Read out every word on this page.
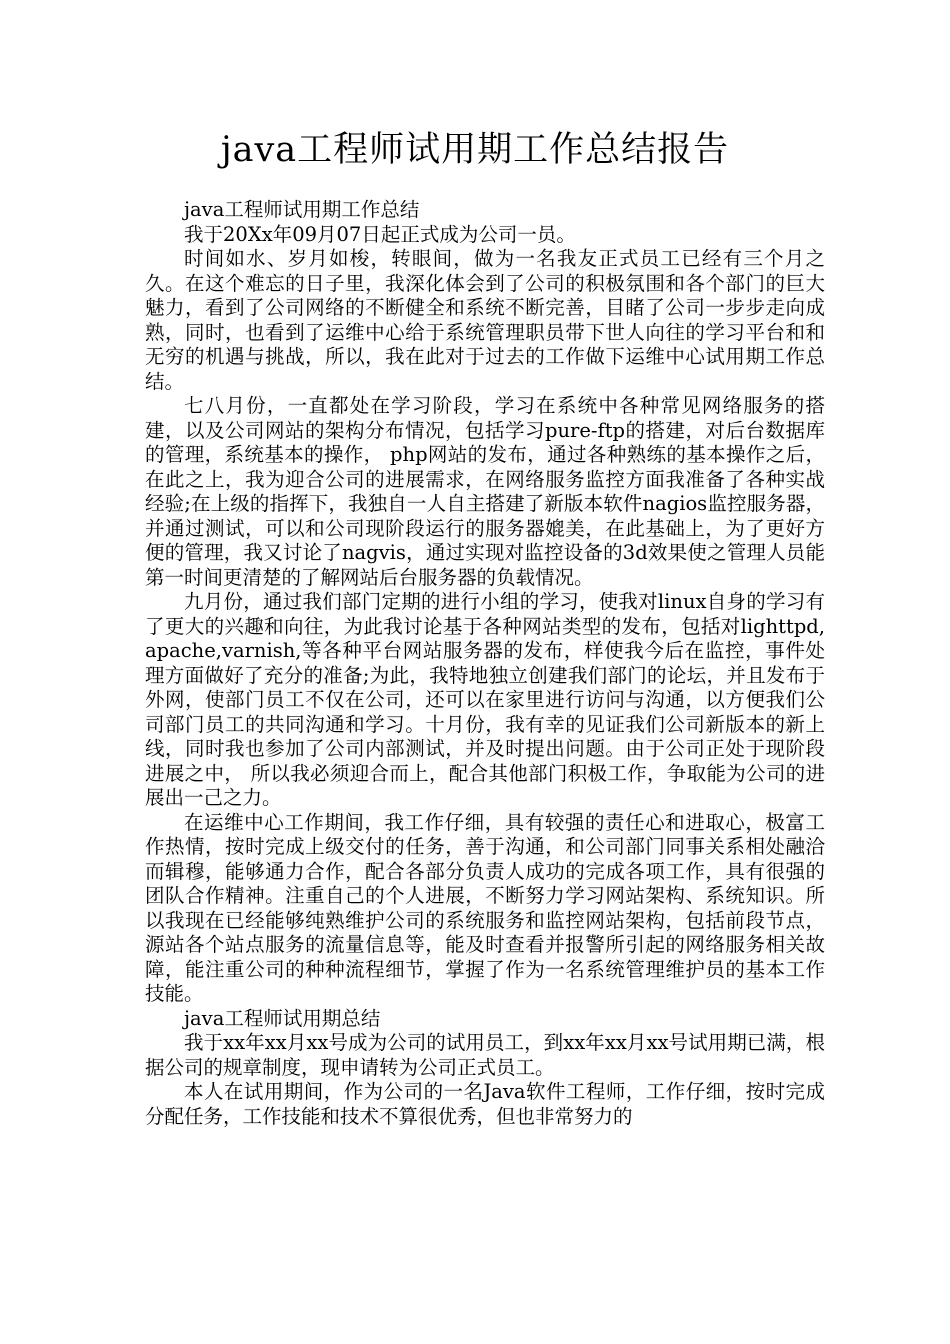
java工程师试用期工作总结报告

java工程师试用期工作总结

我于20Xx年09月07日起正式成为公司一员。

时间如水、岁月如梭，转眼间，做为一名我友正式员工已经有三个月之久。在这个难忘的日子里，我深化体会到了公司的积极氛围和各个部门的巨大魅力，看到了公司网络的不断健全和系统不断完善，目睹了公司一步步走向成熟，同时，也看到了运维中心给于系统管理职员带下世人向往的学习平台和和无穷的机遇与挑战，所以，我在此对于过去的工作做下运维中心试用期工作总结。

七八月份，一直都处在学习阶段，学习在系统中各种常见网络服务的搭建，以及公司网站的架构分布情况，包括学习pure-ftp的搭建，对后台数据库的管理，系统基本的操作， php网站的发布，通过各种熟练的基本操作之后，在此之上，我为迎合公司的进展需求，在网络服务监控方面我准备了各种实战经验;在上级的指挥下，我独自一人自主搭建了新版本软件nagios监控服务器，并通过测试，可以和公司现阶段运行的服务器媲美，在此基础上，为了更好方便的管理，我又讨论了nagvis，通过实现对监控设备的3d效果使之管理人员能第一时间更清楚的了解网站后台服务器的负载情况。

九月份，通过我们部门定期的进行小组的学习，使我对linux自身的学习有了更大的兴趣和向往，为此我讨论基于各种网站类型的发布，包括对lighttpd,apache,varnish,等各种平台网站服务器的发布，样使我今后在监控，事件处理方面做好了充分的准备;为此，我特地独立创建我们部门的论坛，并且发布于外网，使部门员工不仅在公司，还可以在家里进行访问与沟通，以方便我们公司部门员工的共同沟通和学习。十月份，我有幸的见证我们公司新版本的新上线，同时我也参加了公司内部测试，并及时提出问题。由于公司正处于现阶段进展之中， 所以我必须迎合而上，配合其他部门积极工作，争取能为公司的进展出一己之力。

在运维中心工作期间，我工作仔细，具有较强的责任心和进取心，极富工作热情，按时完成上级交付的任务，善于沟通，和公司部门同事关系相处融洽而辑穆，能够通力合作，配合各部分负责人成功的完成各项工作，具有很强的团队合作精神。注重自己的个人进展，不断努力学习网站架构、系统知识。所以我现在已经能够纯熟维护公司的系统服务和监控网站架构，包括前段节点，源站各个站点服务的流量信息等，能及时查看并报警所引起的网络服务相关故障，能注重公司的种种流程细节，掌握了作为一名系统管理维护员的基本工作技能。

java工程师试用期总结

我于xx年xx月xx号成为公司的试用员工，到xx年xx月xx号试用期已满，根据公司的规章制度，现申请转为公司正式员工。

本人在试用期间，作为公司的一名Java软件工程师，工作仔细，按时完成分配任务，工作技能和技术不算很优秀，但也非常努力的
